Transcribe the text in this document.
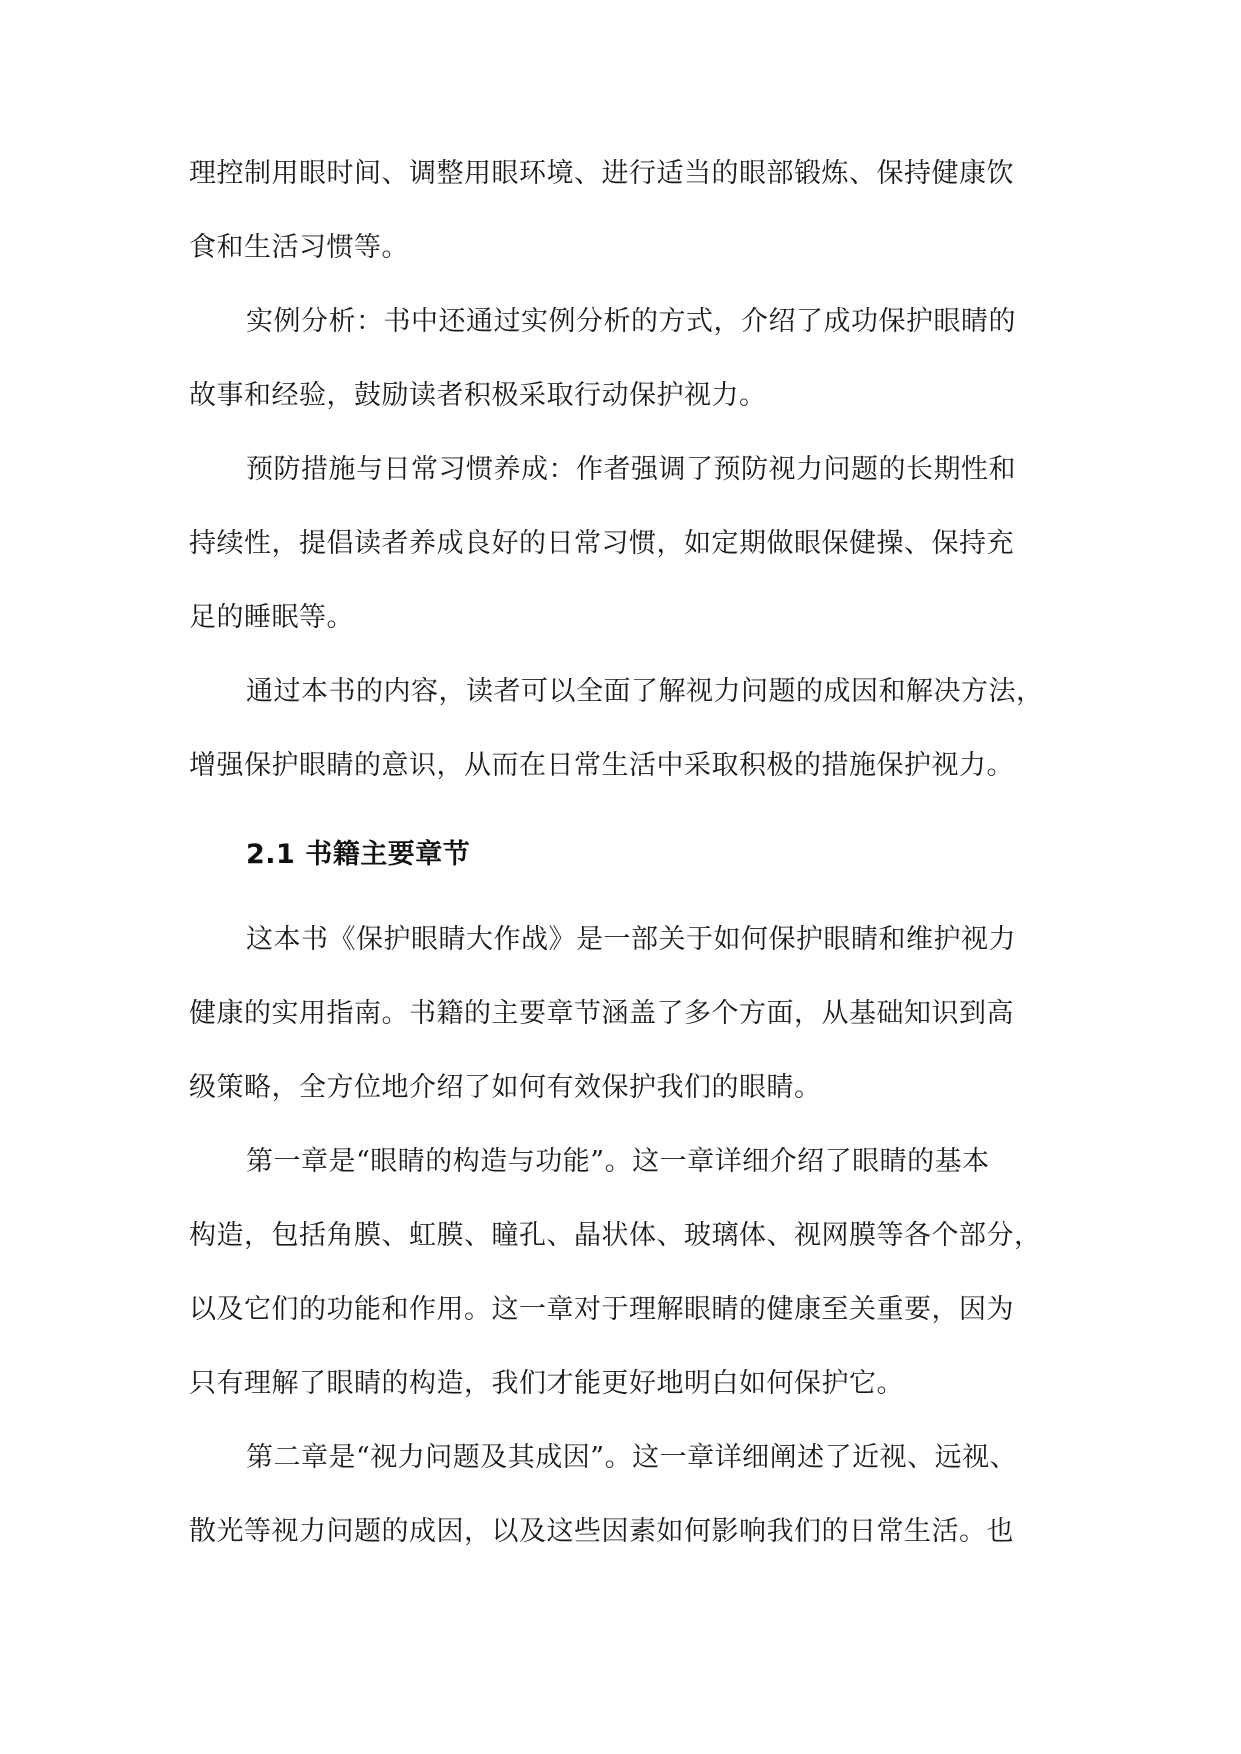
理控制用眼时间、调整用眼环境、进行适当的眼部锻炼、保持健康饮

食和生活习惯等。

实例分析：书中还通过实例分析的方式，介绍了成功保护眼睛的

故事和经验，鼓励读者积极采取行动保护视力。

预防措施与日常习惯养成：作者强调了预防视力问题的长期性和

持续性，提倡读者养成良好的日常习惯，如定期做眼保健操、保持充

足的睡眠等。

通过本书的内容，读者可以全面了解视力问题的成因和解决方法，

增强保护眼睛的意识，从而在日常生活中采取积极的措施保护视力。

2.1 书籍主要章节

这本书《保护眼睛大作战》是一部关于如何保护眼睛和维护视力

健康的实用指南。书籍的主要章节涵盖了多个方面，从基础知识到高

级策略，全方位地介绍了如何有效保护我们的眼睛。

第一章是“眼睛的构造与功能”。这一章详细介绍了眼睛的基本

构造，包括角膜、虹膜、瞳孔、晶状体、玻璃体、视网膜等各个部分，

以及它们的功能和作用。这一章对于理解眼睛的健康至关重要，因为

只有理解了眼睛的构造，我们才能更好地明白如何保护它。

第二章是“视力问题及其成因”。这一章详细阐述了近视、远视、

散光等视力问题的成因，以及这些因素如何影响我们的日常生活。也
